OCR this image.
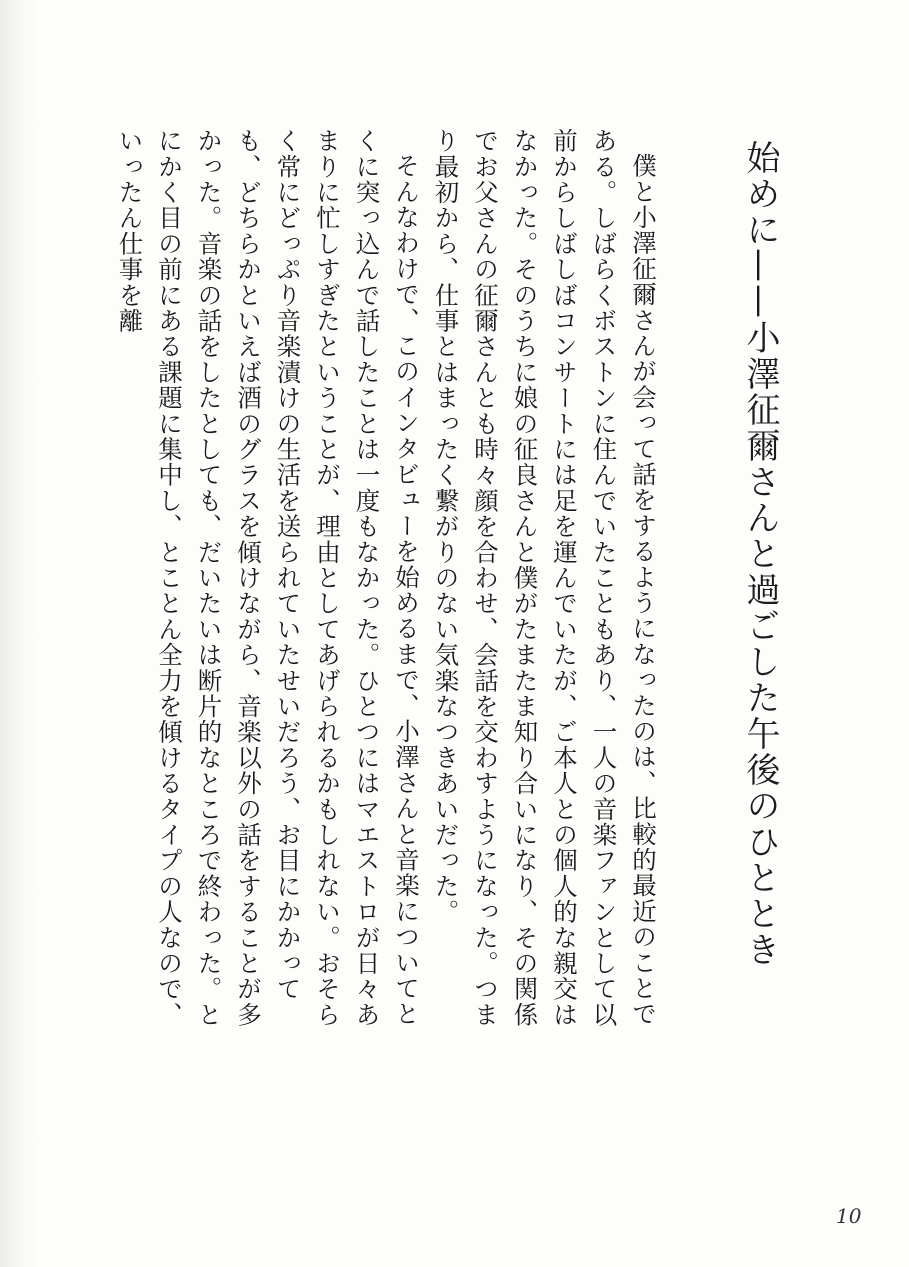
始めに——小澤征爾さんと過ごした午後のひととき

僕と小澤征爾さんが会って話をするようになったのは、比較的最近のことである。しばらくボストンに住んでいたこともあり、一人の音楽ファンとして以前からしばしばコンサートには足を運んでいたが、ご本人との個人的な親交はなかった。そのうちに娘の征良さんと僕がたまたま知り合いになり、その関係でお父さんの征爾さんとも時々顔を合わせ、会話を交わすようになった。つまり最初から、仕事とはまったく繋がりのない気楽なつきあいだった。

そんなわけで、このインタビューを始めるまで、小澤さんと音楽についてとくに突っ込んで話したことは一度もなかった。ひとつにはマエストロが日々あまりに忙しすぎたということが、理由としてあげられるかもしれない。おそらく常にどっぷり音楽漬けの生活を送られていたせいだろう、お目にかかっても、どちらかといえば酒のグラスを傾けながら、音楽以外の話をすることが多かった。音楽の話をしたとしても、だいたいは断片的なところで終わった。とにかく目の前にある課題に集中し、とことん全力を傾けるタイプの人なので、いったん仕事を離

10
